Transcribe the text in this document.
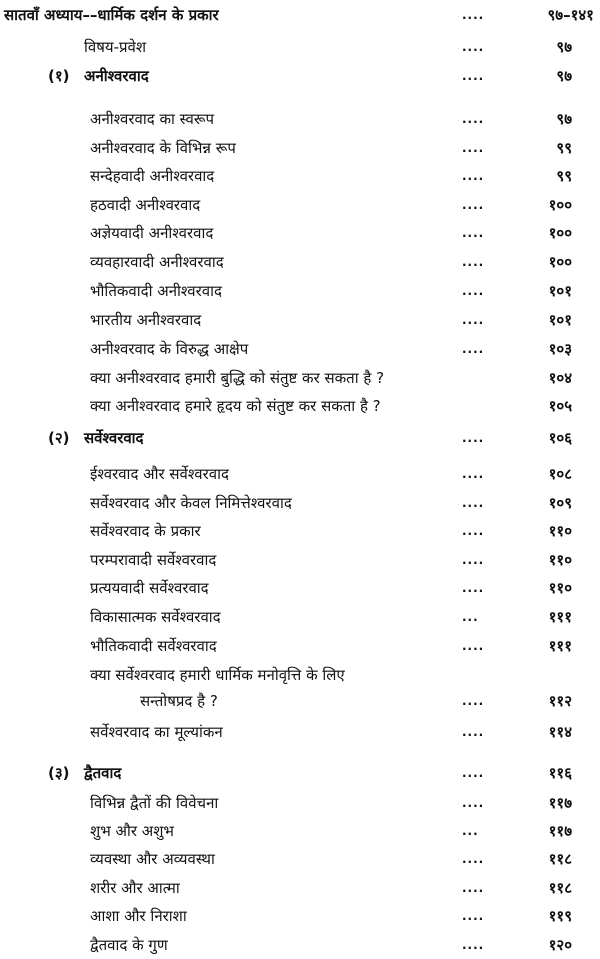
सातवाँ अध्याय––धार्मिक दर्शन के प्रकार	....	९७–१४१
विषय-प्रवेश	....	९७
(१) अनीश्वरवाद	....	९७
अनीश्वरवाद का स्वरूप	....	९७
अनीश्वरवाद के विभिन्न रूप	....	९९
सन्देहवादी अनीश्वरवाद	....	९९
हठवादी अनीश्वरवाद	....	१००
अज्ञेयवादी अनीश्वरवाद	....	१००
व्यवहारवादी अनीश्वरवाद	....	१००
भौतिकवादी अनीश्वरवाद	....	१०१
भारतीय अनीश्वरवाद	....	१०१
अनीश्वरवाद के विरुद्ध आक्षेप	....	१०३
क्या अनीश्वरवाद हमारी बुद्धि को संतुष्ट कर सकता है ?	१०४
क्या अनीश्वरवाद हमारे हृदय को संतुष्ट कर सकता है ?	१०५
(२) सर्वेश्वरवाद	....	१०६
ईश्वरवाद और सर्वेश्वरवाद	....	१०८
सर्वेश्वरवाद और केवल निमित्तेश्वरवाद	....	१०९
सर्वेश्वरवाद के प्रकार	....	११०
परम्परावादी सर्वेश्वरवाद	....	११०
प्रत्ययवादी सर्वेश्वरवाद	....	११०
विकासात्मक सर्वेश्वरवाद	...	१११
भौतिकवादी सर्वेश्वरवाद	....	१११
क्या सर्वेश्वरवाद हमारी धार्मिक मनोवृत्ति के लिए
सन्तोषप्रद है ?	....	११२
सर्वेश्वरवाद का मूल्यांकन	....	११४
(३) द्वैतवाद	....	११६
विभिन्न द्वैतों की विवेचना	....	११७
शुभ और अशुभ	...	११७
व्यवस्था और अव्यवस्था	....	११८
शरीर और आत्मा	....	११८
आशा और निराशा	....	११९
द्वैतवाद के गुण	....	१२०
